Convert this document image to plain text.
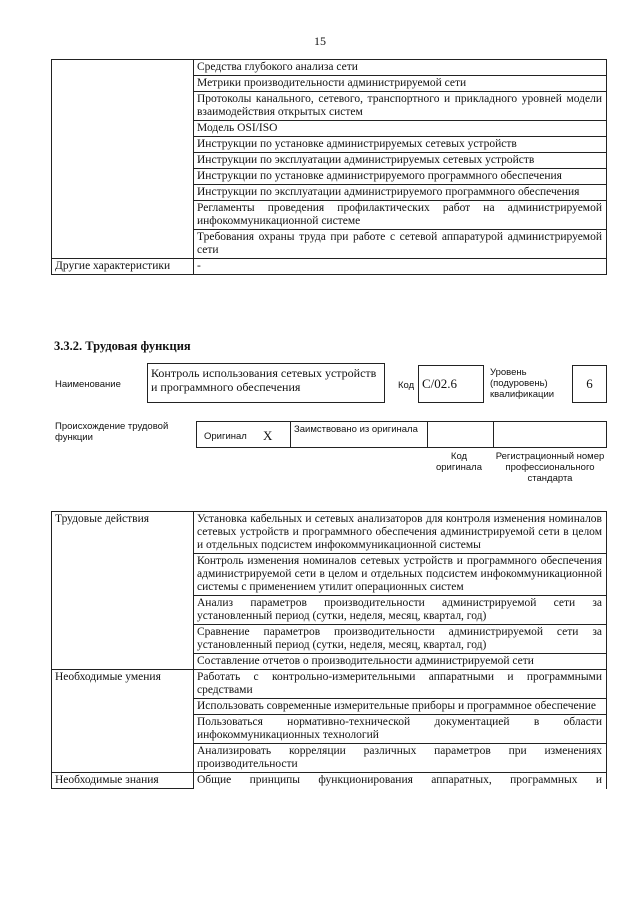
15
	Средства глубокого анализа сети
	Метрики производительности администрируемой сети
	Протоколы канального, сетевого, транспортного и прикладного уровней модели взаимодействия открытых систем
	Модель OSI/ISO
	Инструкции по установке администрируемых сетевых устройств
	Инструкции по эксплуатации администрируемых сетевых устройств
	Инструкции по установке администрируемого программного обеспечения
	Инструкции по эксплуатации администрируемого программного обеспечения
	Регламенты проведения профилактических работ на администрируемой инфокоммуникационной системе
	Требования охраны труда при работе с сетевой аппаратурой администрируемой сети
Другие характеристики	-
3.3.2. Трудовая функция
Наименование
Контроль использования сетевых устройств и программного обеспечения	Код C/02.6
Уровень (подуровень) квалификации
6
Происхождение трудовой функции	Оригинал X Заимствовано из оригинала
Код оригинала
Регистрационный номер профессионального стандарта
Трудовые действия	Установка кабельных и сетевых анализаторов для контроля изменения номиналов сетевых устройств и программного обеспечения администрируемой сети в целом и отдельных подсистем инфокоммуникационной системы
	Контроль изменения номиналов сетевых устройств и программного обеспечения администрируемой сети в целом и отдельных подсистем инфокоммуникационной системы с применением утилит операционных систем
	Анализ параметров производительности администрируемой сети за установленный период (сутки, неделя, месяц, квартал, год)
	Сравнение параметров производительности администрируемой сети за установленный период (сутки, неделя, месяц, квартал, год)
	Составление отчетов о производительности администрируемой сети
Необходимые умения	Работать с контрольно-измерительными аппаратными и программными средствами
	Использовать современные измерительные приборы и программное обеспечение
	Пользоваться нормативно-технической документацией в области инфокоммуникационных технологий
	Анализировать корреляции различных параметров при изменениях производительности
Необходимые знания	Общие принципы функционирования аппаратных, программных и
